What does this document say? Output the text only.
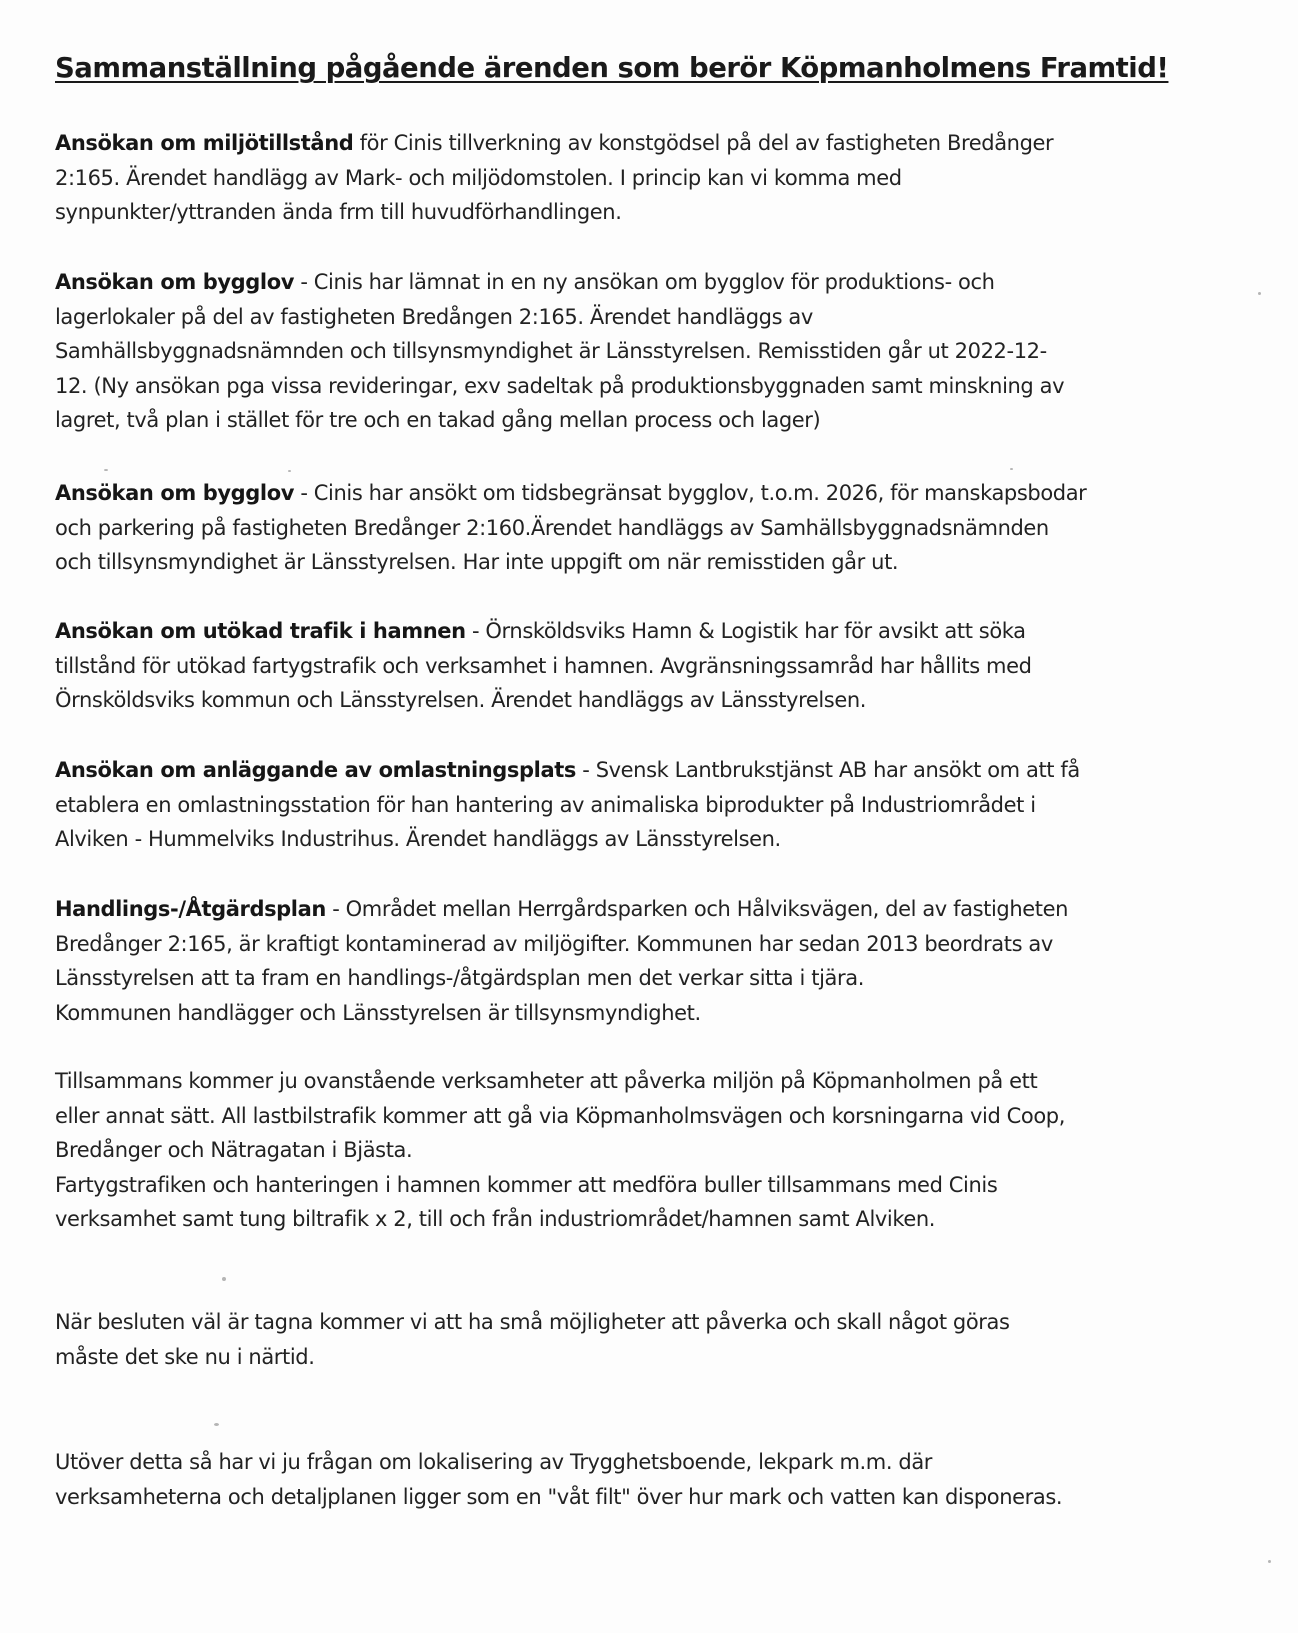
Sammanställning pågående ärenden som berör Köpmanholmens Framtid!

Ansökan om miljötillstånd för Cinis tillverkning av konstgödsel på del av fastigheten Bredånger
2:165. Ärendet handlägg av Mark- och miljödomstolen. I princip kan vi komma med
synpunkter/yttranden ända frm till huvudförhandlingen.

Ansökan om bygglov - Cinis har lämnat in en ny ansökan om bygglov för produktions- och
lagerlokaler på del av fastigheten Bredången 2:165. Ärendet handläggs av
Samhällsbyggnadsnämnden och tillsynsmyndighet är Länsstyrelsen. Remisstiden går ut 2022-12-
12. (Ny ansökan pga vissa revideringar, exv sadeltak på produktionsbyggnaden samt minskning av
lagret, två plan i stället för tre och en takad gång mellan process och lager)

Ansökan om bygglov - Cinis har ansökt om tidsbegränsat bygglov, t.o.m. 2026, för manskapsbodar
och parkering på fastigheten Bredånger 2:160.Ärendet handläggs av Samhällsbyggnadsnämnden
och tillsynsmyndighet är Länsstyrelsen. Har inte uppgift om när remisstiden går ut.

Ansökan om utökad trafik i hamnen - Örnsköldsviks Hamn & Logistik har för avsikt att söka
tillstånd för utökad fartygstrafik och verksamhet i hamnen. Avgränsningssamråd har hållits med
Örnsköldsviks kommun och Länsstyrelsen. Ärendet handläggs av Länsstyrelsen.

Ansökan om anläggande av omlastningsplats - Svensk Lantbrukstjänst AB har ansökt om att få
etablera en omlastningsstation för han hantering av animaliska biprodukter på Industriområdet i
Alviken - Hummelviks Industrihus. Ärendet handläggs av Länsstyrelsen.

Handlings-/Åtgärdsplan - Området mellan Herrgårdsparken och Hålviksvägen, del av fastigheten
Bredånger 2:165, är kraftigt kontaminerad av miljögifter. Kommunen har sedan 2013 beordrats av
Länsstyrelsen att ta fram en handlings-/åtgärdsplan men det verkar sitta i tjära.
Kommunen handlägger och Länsstyrelsen är tillsynsmyndighet.

Tillsammans kommer ju ovanstående verksamheter att påverka miljön på Köpmanholmen på ett
eller annat sätt. All lastbilstrafik kommer att gå via Köpmanholmsvägen och korsningarna vid Coop,
Bredånger och Nätragatan i Bjästa.
Fartygstrafiken och hanteringen i hamnen kommer att medföra buller tillsammans med Cinis
verksamhet samt tung biltrafik x 2, till och från industriområdet/hamnen samt Alviken.

När besluten väl är tagna kommer vi att ha små möjligheter att påverka och skall något göras
måste det ske nu i närtid.

Utöver detta så har vi ju frågan om lokalisering av Trygghetsboende, lekpark m.m. där
verksamheterna och detaljplanen ligger som en "våt filt" över hur mark och vatten kan disponeras.
